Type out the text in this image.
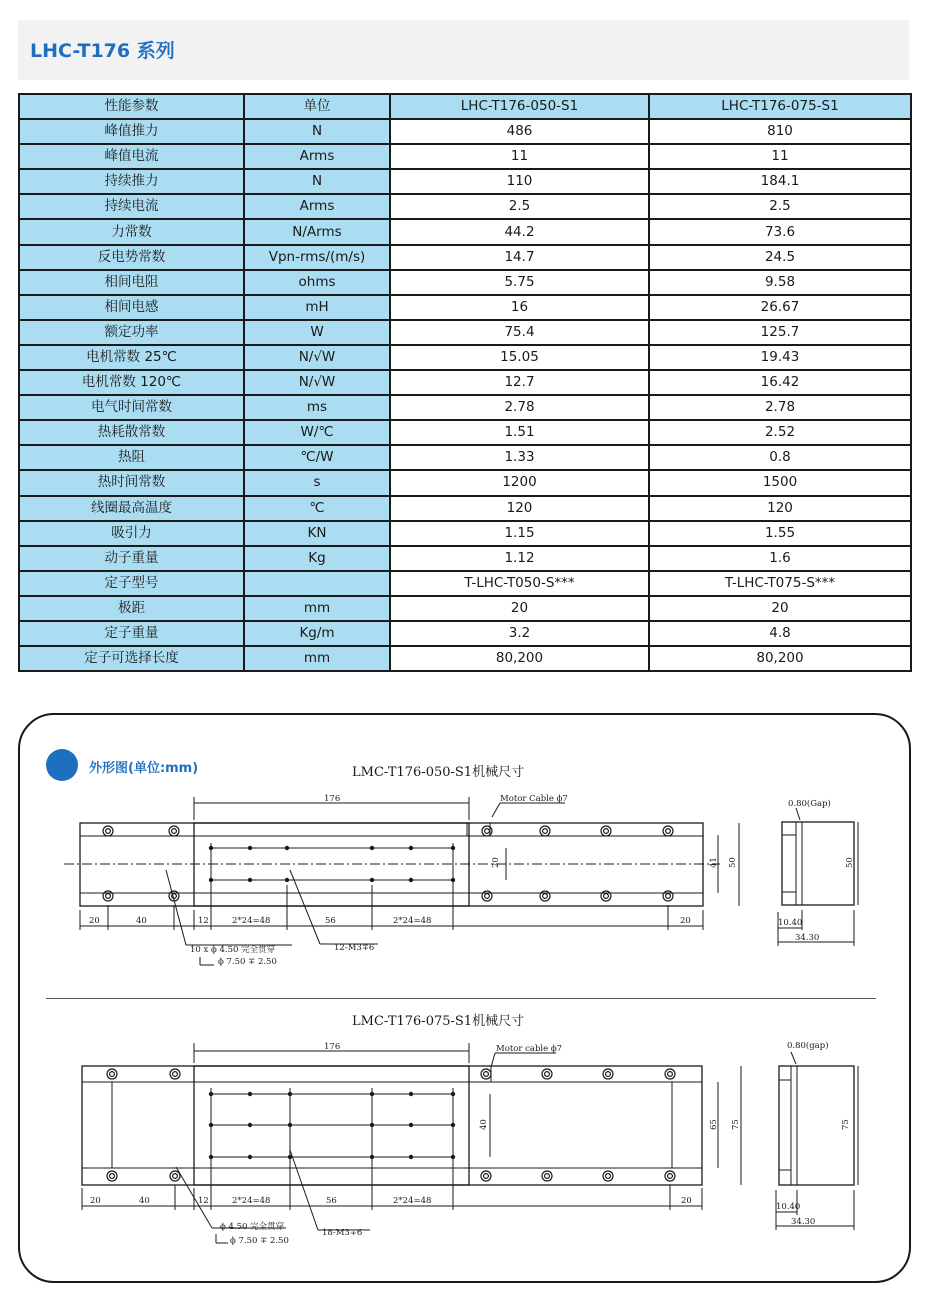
LHC-T176 系列
性能参数	单位	LHC-T176-050-S1	LHC-T176-075-S1
峰值推力	N	486	810
峰值电流	Arms	11	11
持续推力	N	110	184.1
持续电流	Arms	2.5	2.5
力常数	N/Arms	44.2	73.6
反电势常数	Vpn-rms/(m/s)	14.7	24.5
相间电阻	ohms	5.75	9.58
相间电感	mH	16	26.67
额定功率	W	75.4	125.7
电机常数 25℃	N/√W	15.05	19.43
电机常数 120℃	N/√W	12.7	16.42
电气时间常数	ms	2.78	2.78
热耗散常数	W/℃	1.51	2.52
热阻	℃/W	1.33	0.8
热时间常数	s	1200	1500
线圈最高温度	℃	120	120
吸引力	KN	1.15	1.55
动子重量	Kg	1.12	1.6
定子型号		T-LHC-T050-S***	T-LHC-T075-S***
极距	mm	20	20
定子重量	Kg/m	3.2	4.8
定子可选择长度	mm	80,200	80,200
外形图(单位:mm)	LMC-T176-050-S1机械尺寸
LMC-T176-075-S1机械尺寸
176	Motor Cable ϕ7	0.80(Gap)
20	41 50	50
20	40	12	2*24=48	56	2*24=48	20
10 x ϕ 4.50 完全贯穿
ϕ 7.50 ∓ 2.50
12-M3∓6
10.40
34.30
176	Motor cable ϕ7	0.80(gap)
40	65 75	75
20	40	12	2*24=48	56	2*24=48	20
ϕ 4.50 完全贯穿
ϕ 7.50 ∓ 2.50
18-M3∓6
10.40
34.30
